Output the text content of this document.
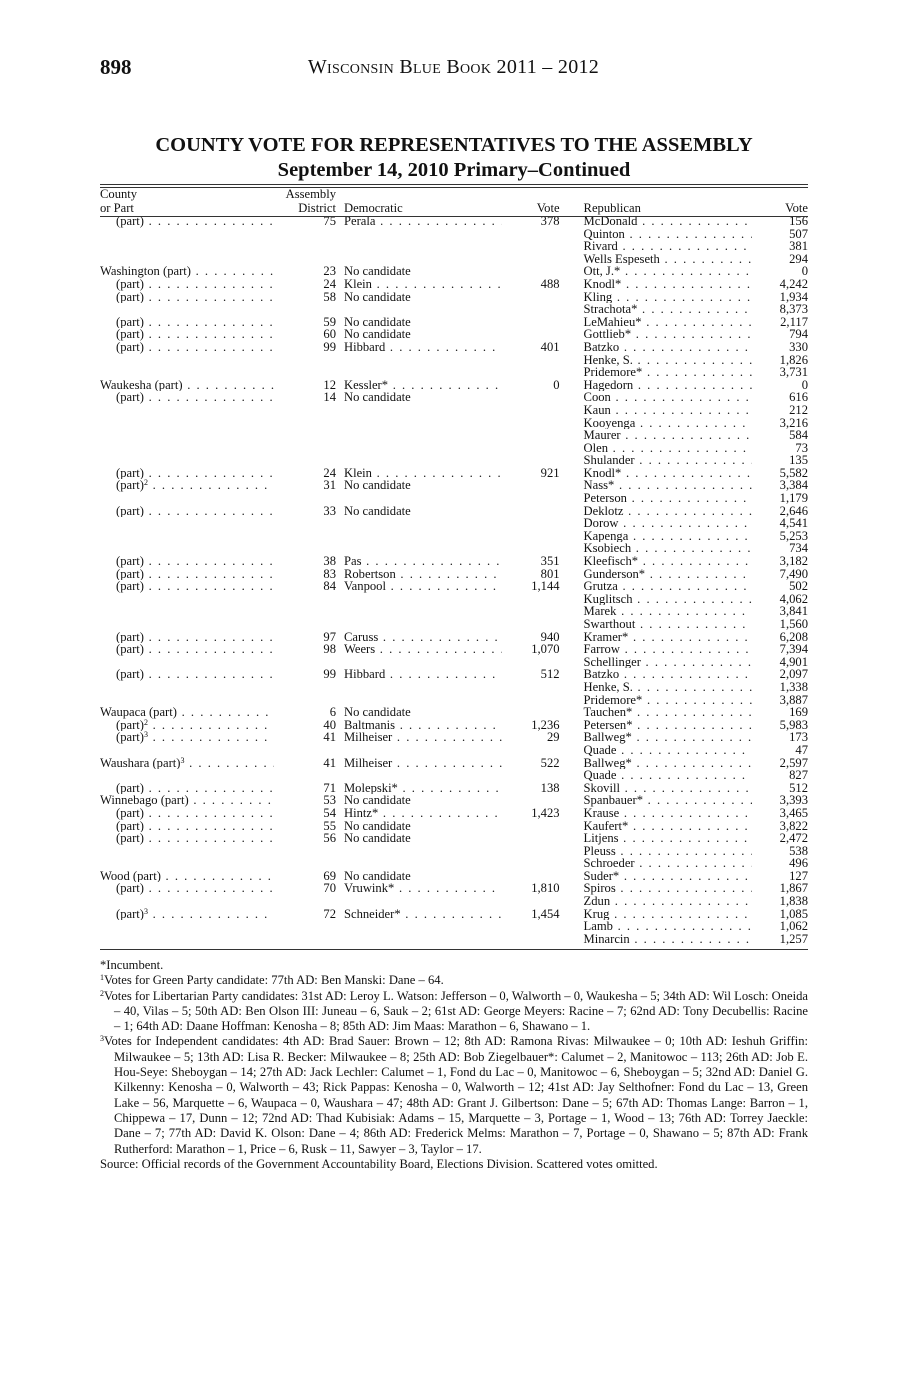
898	Wisconsin Blue Book 2011 – 2012
COUNTY VOTE FOR REPRESENTATIVES TO THE ASSEMBLY
September 14, 2010 Primary–Continued
County	Assembly				
or Part	District	Democratic	Vote	Republican	Vote
(part) . . .	75	Perala . . .	378	McDonald . . .	156
				Quinton . . .	507
				Rivard . . .	381
				Wells Espeseth . . .	294
Washington (part) . . .	23	No candidate		Ott, J.* . . .	0
(part) . . .	24	Klein . . .	488	Knodl* . . .	4,242
(part) . . .	58	No candidate		Kling . . .	1,934
				Strachota* . . .	8,373
(part) . . .	59	No candidate		LeMahieu* . . .	2,117
(part) . . .	60	No candidate		Gottlieb* . . .	794
(part) . . .	99	Hibbard . . .	401	Batzko . . .	330
				Henke, S. . . .	1,826
				Pridemore* . . .	3,731
Waukesha (part) . . .	12	Kessler* . . .	0	Hagedorn . . .	0
(part) . . .	14	No candidate		Coon . . .	616
				Kaun . . .	212
				Kooyenga . . .	3,216
				Maurer . . .	584
				Olen . . .	73
				Shulander . . .	135
(part) . . .	24	Klein . . .	921	Knodl* . . .	5,582
(part)$^2$ . . .	31	No candidate		Nass* . . .	3,384
				Peterson . . .	1,179
(part) . . .	33	No candidate		Deklotz . . .	2,646
				Dorow . . .	4,541
				Kapenga . . .	5,253
				Ksobiech . . .	734
(part) . . .	38	Pas . . .	351	Kleefisch* . . .	3,182
(part) . . .	83	Robertson . . .	801	Gunderson* . . .	7,490
(part) . . .	84	Vanpool . . .	1,144	Grutza . . .	502
				Kuglitsch . . .	4,062
				Marek . . .	3,841
				Swarthout . . .	1,560
(part) . . .	97	Caruss . . .	940	Kramer* . . .	6,208
(part) . . .	98	Weers . . .	1,070	Farrow . . .	7,394
				Schellinger . . .	4,901
(part) . . .	99	Hibbard . . .	512	Batzko . . .	2,097
				Henke, S. . . .	1,338
				Pridemore* . . .	3,887
Waupaca (part) . . .	6	No candidate		Tauchen* . . .	169
(part)$^2$ . . .	40	Baltmanis . . .	1,236	Petersen* . . .	5,983
(part)$^3$ . . .	41	Milheiser . . .	29	Ballweg* . . .	173
				Quade . . .	47
Waushara (part)$^3$ . . .	41	Milheiser . . .	522	Ballweg* . . .	2,597
				Quade . . .	827
(part) . . .	71	Molepski* . . .	138	Skovill . . .	512
Winnebago (part) . . .	53	No candidate		Spanbauer* . . .	3,393
(part) . . .	54	Hintz* . . .	1,423	Krause . . .	3,465
(part) . . .	55	No candidate		Kaufert* . . .	3,822
(part) . . .	56	No candidate		Litjens . . .	2,472
				Pleuss . . .	538
				Schroeder . . .	496
Wood (part) . . .	69	No candidate		Suder* . . .	127
(part) . . .	70	Vruwink* . . .	1,810	Spiros . . .	1,867
				Zdun . . .	1,838
(part)$^3$ . . .	72	Schneider* . . .	1,454	Krug . . .	1,085
				Lamb . . .	1,062
				Minarcin . . .	1,257

*Incumbent.

$^1$Votes for Green Party candidate: 77th AD: Ben Manski: Dane – 64.

$^2$Votes for Libertarian Party candidates: 31st AD: Leroy L. Watson: Jefferson – 0, Walworth – 0, Waukesha – 5; 34th AD: Wil Losch: Oneida – 40, Vilas – 5; 50th AD: Ben Olson III: Juneau – 6, Sauk – 2; 61st AD: George Meyers: Racine – 7; 62nd AD: Tony Decubellis: Racine – 1; 64th AD: Daane Hoffman: Kenosha – 8; 85th AD: Jim Maas: Marathon – 6, Shawano – 1.

$^3$Votes for Independent candidates: 4th AD: Brad Sauer: Brown – 12; 8th AD: Ramona Rivas: Milwaukee – 0; 10th AD: Ieshuh Griffin: Milwaukee – 5; 13th AD: Lisa R. Becker: Milwaukee – 8; 25th AD: Bob Ziegelbauer*: Calumet – 2, Manitowoc – 113; 26th AD: Job E. Hou-Seye: Sheboygan – 14; 27th AD: Jack Lechler: Calumet – 1, Fond du Lac – 0, Manitowoc – 6, Sheboygan – 5; 32nd AD: Daniel G. Kilkenny: Kenosha – 0, Walworth – 43; Rick Pappas: Kenosha – 0, Walworth – 12; 41st AD: Jay Selthofner: Fond du Lac – 13, Green Lake – 56, Marquette – 6, Waupaca – 0, Waushara – 47; 48th AD: Grant J. Gilbertson: Dane – 5; 67th AD: Thomas Lange: Barron – 1, Chippewa – 17, Dunn – 12; 72nd AD: Thad Kubisiak: Adams – 15, Marquette – 3, Portage – 1, Wood – 13; 76th AD: Torrey Jaeckle: Dane – 7; 77th AD: David K. Olson: Dane – 4; 86th AD: Frederick Melms: Marathon – 7, Portage – 0, Shawano – 5; 87th AD: Frank Rutherford: Marathon – 1, Price – 6, Rusk – 11, Sawyer – 3, Taylor – 17.

Source: Official records of the Government Accountability Board, Elections Division. Scattered votes omitted.
